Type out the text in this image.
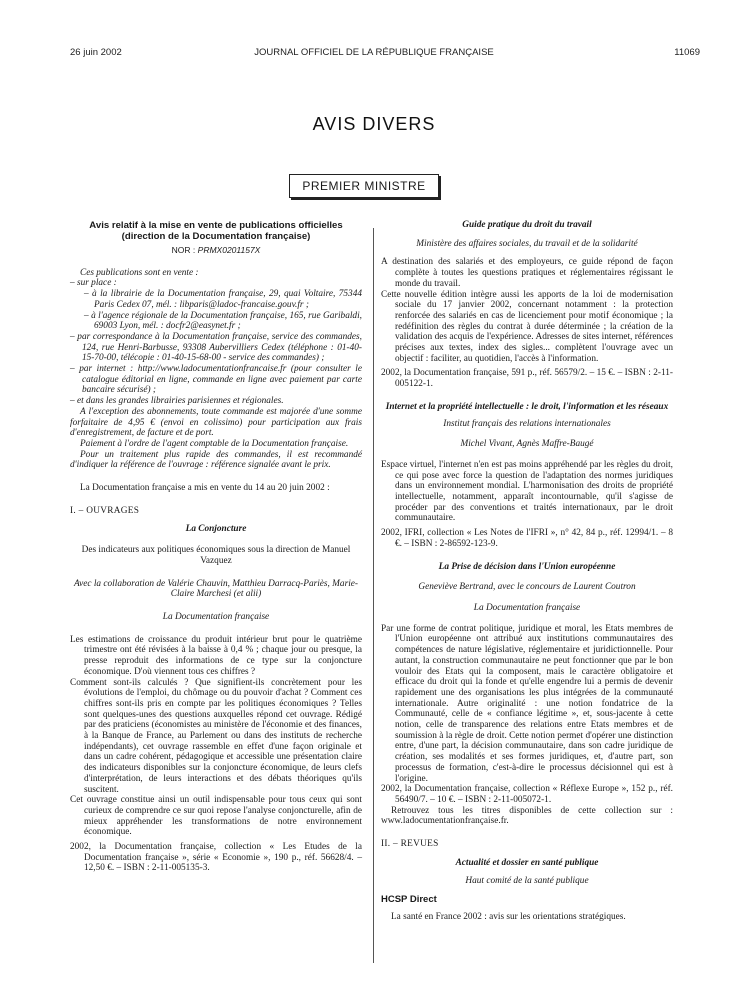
JOURNAL OFFICIEL DE LA RÉPUBLIQUE FRANÇAISE
26 juin 2002	11069
AVIS DIVERS
PREMIER MINISTRE
Avis relatif à la mise en vente de publications officielles (direction de la Documentation française)
NOR : PRMX0201157X

Ces publications sont en vente :

– sur place :

– à la librairie de la Documentation française, 29, quai Voltaire, 75344 Paris Cedex 07, mél. : libparis@ladoc-francaise.gouv.fr ;

– à l'agence régionale de la Documentation française, 165, rue Garibaldi, 69003 Lyon, mél. : docfr2@easynet.fr ;

– par correspondance à la Documentation française, service des commandes, 124, rue Henri-Barbusse, 93308 Aubervilliers Cedex (téléphone : 01-40-15-70-00, télécopie : 01-40-15-68-00 - service des commandes) ;

– par internet : http://www.ladocumentationfrancaise.fr (pour consulter le catalogue éditorial en ligne, commande en ligne avec paiement par carte bancaire sécurisé) ;

– et dans les grandes librairies parisiennes et régionales.

A l'exception des abonnements, toute commande est majorée d'une somme forfaitaire de 4,95 € (envoi en colissimo) pour participation aux frais d'enregistrement, de facture et de port.

Paiement à l'ordre de l'agent comptable de la Documentation française.

Pour un traitement plus rapide des commandes, il est recommandé d'indiquer la référence de l'ouvrage : référence signalée avant le prix.

La Documentation française a mis en vente du 14 au 20 juin 2002 :

I. – OUVRAGES

La Conjoncture

Des indicateurs aux politiques économiques sous la direction de Manuel Vazquez

Avec la collaboration de Valérie Chauvin, Matthieu Darracq-Pariès, Marie-Claire Marchesi (et alii)

La Documentation française

Les estimations de croissance du produit intérieur brut pour le quatrième trimestre ont été révisées à la baisse à 0,4 % ; chaque jour ou presque, la presse reproduit des informations de ce type sur la conjoncture économique. D'où viennent tous ces chiffres ?

Comment sont-ils calculés ? Que signifient-ils concrètement pour les évolutions de l'emploi, du chômage ou du pouvoir d'achat ? Comment ces chiffres sont-ils pris en compte par les politiques économiques ? Telles sont quelques-unes des questions auxquelles répond cet ouvrage. Rédigé par des praticiens (économistes au ministère de l'économie et des finances, à la Banque de France, au Parlement ou dans des instituts de recherche indépendants), cet ouvrage rassemble en effet d'une façon originale et dans un cadre cohérent, pédagogique et accessible une présentation claire des indicateurs disponibles sur la conjoncture économique, de leurs clefs d'interprétation, de leurs interactions et des débats théoriques qu'ils suscitent.

Cet ouvrage constitue ainsi un outil indispensable pour tous ceux qui sont curieux de comprendre ce sur quoi repose l'analyse conjoncturelle, afin de mieux appréhender les transformations de notre environnement économique.

2002, la Documentation française, collection « Les Etudes de la Documentation française », série « Economie », 190 p., réf. 56628/4. – 12,50 €. – ISBN : 2-11-005135-3.

Guide pratique du droit du travail

Ministère des affaires sociales, du travail et de la solidarité

A destination des salariés et des employeurs, ce guide répond de façon complète à toutes les questions pratiques et réglementaires régissant le monde du travail.

Cette nouvelle édition intègre aussi les apports de la loi de modernisation sociale du 17 janvier 2002, concernant notamment : la protection renforcée des salariés en cas de licenciement pour motif économique ; la redéfinition des règles du contrat à durée déterminée ; la création de la validation des acquis de l'expérience. Adresses de sites internet, références précises aux textes, index des sigles... complètent l'ouvrage avec un objectif : faciliter, au quotidien, l'accès à l'information.

2002, la Documentation française, 591 p., réf. 56579/2. – 15 €. – ISBN : 2-11-005122-1.

Internet et la propriété intellectuelle : le droit, l'information et les réseaux

Institut français des relations internationales

Michel Vivant, Agnès Maffre-Baugé

Espace virtuel, l'internet n'en est pas moins appréhendé par les règles du droit, ce qui pose avec force la question de l'adaptation des normes juridiques dans un environnement mondial. L'harmonisation des droits de propriété intellectuelle, notamment, apparaît incontournable, qu'il s'agisse de procéder par des conventions et traités internationaux, par le droit communautaire.

2002, IFRI, collection « Les Notes de l'IFRI », n° 42, 84 p., réf. 12994/1. – 8 €. – ISBN : 2-86592-123-9.

La Prise de décision dans l'Union européenne

Geneviève Bertrand, avec le concours de Laurent Coutron

La Documentation française

Par une forme de contrat politique, juridique et moral, les Etats membres de l'Union européenne ont attribué aux institutions communautaires des compétences de nature législative, réglementaire et juridictionnelle. Pour autant, la construction communautaire ne peut fonctionner que par le bon vouloir des Etats qui la composent, mais le caractère obligatoire et efficace du droit qui la fonde et qu'elle engendre lui a permis de devenir rapidement une des organisations les plus intégrées de la communauté internationale. Autre originalité : une notion fondatrice de la Communauté, celle de « confiance légitime », et, sous-jacente à cette notion, celle de transparence des relations entre Etats membres et de soumission à la règle de droit. Cette notion permet d'opérer une distinction entre, d'une part, la décision communautaire, dans son cadre juridique de création, ses modalités et ses formes juridiques, et, d'autre part, son processus de formation, c'est-à-dire le processus décisionnel qui est à l'origine.

2002, la Documentation française, collection « Réflexe Europe », 152 p., réf. 56490/7. – 10 €. – ISBN : 2-11-005072-1.

Retrouvez tous les titres disponibles de cette collection sur : www.ladocumentationfrançaise.fr.

II. – REVUES

Actualité et dossier en santé publique

Haut comité de la santé publique

HCSP Direct

La santé en France 2002 : avis sur les orientations stratégiques.
